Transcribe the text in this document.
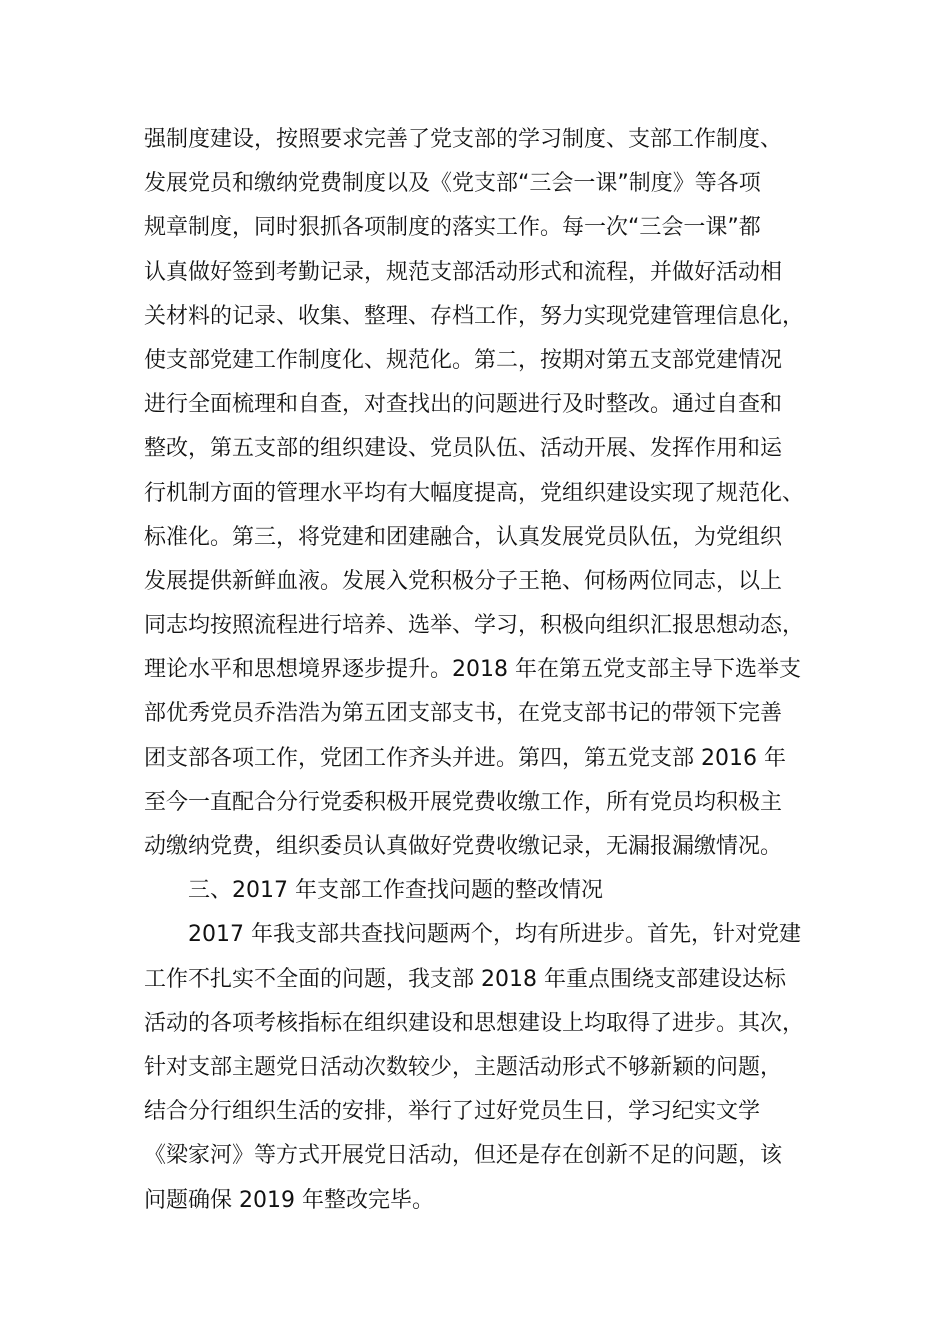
强制度建设，按照要求完善了党支部的学习制度、支部工作制度、
发展党员和缴纳党费制度以及《党支部“三会一课”制度》等各项
规章制度，同时狠抓各项制度的落实工作。每一次“三会一课”都
认真做好签到考勤记录，规范支部活动形式和流程，并做好活动相
关材料的记录、收集、整理、存档工作，努力实现党建管理信息化，
使支部党建工作制度化、规范化。第二，按期对第五支部党建情况
进行全面梳理和自查，对查找出的问题进行及时整改。通过自查和
整改，第五支部的组织建设、党员队伍、活动开展、发挥作用和运
行机制方面的管理水平均有大幅度提高，党组织建设实现了规范化、
标准化。第三，将党建和团建融合，认真发展党员队伍，为党组织
发展提供新鲜血液。发展入党积极分子王艳、何杨两位同志，以上
同志均按照流程进行培养、选举、学习，积极向组织汇报思想动态，
理论水平和思想境界逐步提升。2018 年在第五党支部主导下选举支
部优秀党员乔浩浩为第五团支部支书，在党支部书记的带领下完善
团支部各项工作，党团工作齐头并进。第四，第五党支部 2016 年
至今一直配合分行党委积极开展党费收缴工作，所有党员均积极主
动缴纳党费，组织委员认真做好党费收缴记录，无漏报漏缴情况。
三、2017 年支部工作查找问题的整改情况
2017 年我支部共查找问题两个，均有所进步。首先，针对党建
工作不扎实不全面的问题，我支部 2018 年重点围绕支部建设达标
活动的各项考核指标在组织建设和思想建设上均取得了进步。其次，
针对支部主题党日活动次数较少，主题活动形式不够新颖的问题，
结合分行组织生活的安排，举行了过好党员生日，学习纪实文学
《梁家河》等方式开展党日活动，但还是存在创新不足的问题，该
问题确保 2019 年整改完毕。
